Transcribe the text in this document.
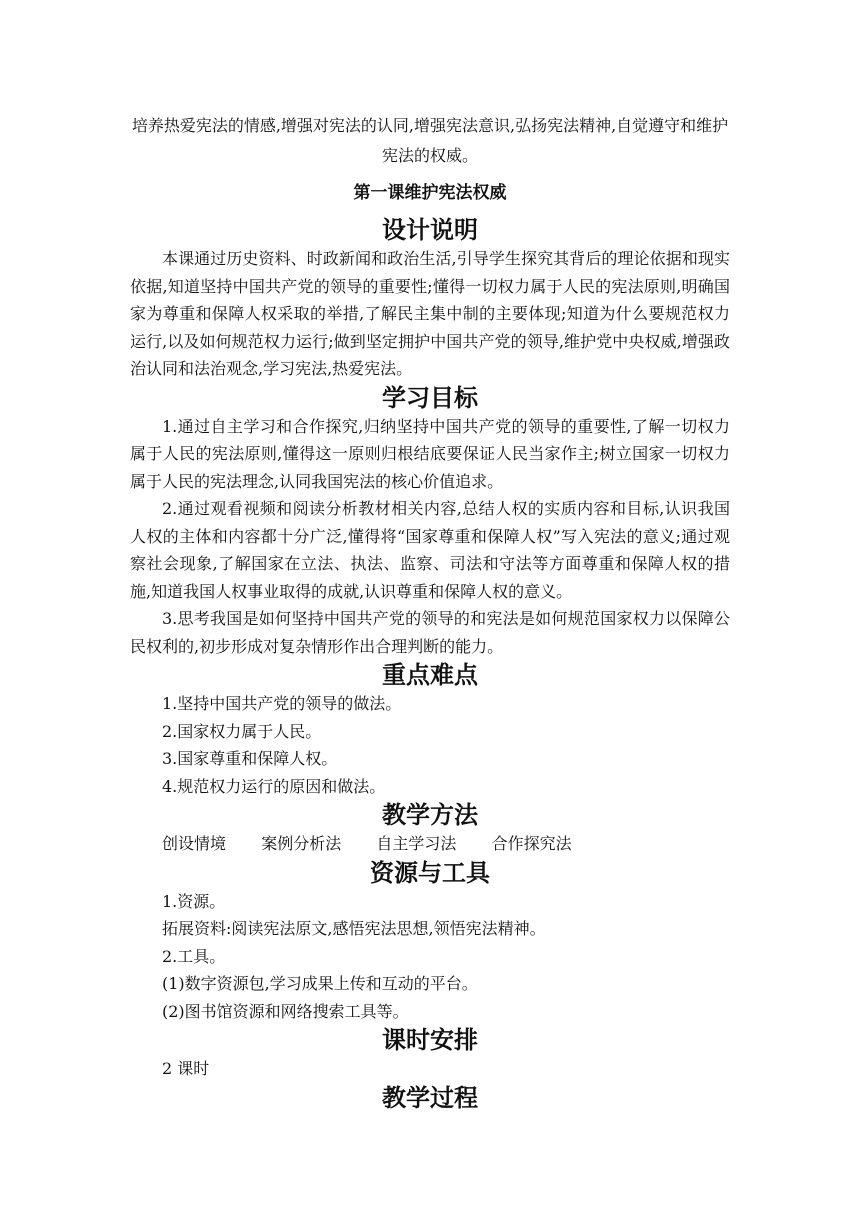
培养热爱宪法的情感,增强对宪法的认同,增强宪法意识,弘扬宪法精神,自觉遵守和维护宪法的权威。

第一课维护宪法权威
设计说明

本课通过历史资料、时政新闻和政治生活,引导学生探究其背后的理论依据和现实依据,知道坚持中国共产党的领导的重要性;懂得一切权力属于人民的宪法原则,明确国家为尊重和保障人权采取的举措,了解民主集中制的主要体现;知道为什么要规范权力运行,以及如何规范权力运行;做到坚定拥护中国共产党的领导,维护党中央权威,增强政治认同和法治观念,学习宪法,热爱宪法。

学习目标

1.通过自主学习和合作探究,归纳坚持中国共产党的领导的重要性,了解一切权力属于人民的宪法原则,懂得这一原则归根结底要保证人民当家作主;树立国家一切权力属于人民的宪法理念,认同我国宪法的核心价值追求。

2.通过观看视频和阅读分析教材相关内容,总结人权的实质内容和目标,认识我国人权的主体和内容都十分广泛,懂得将“国家尊重和保障人权”写入宪法的意义;通过观察社会现象,了解国家在立法、执法、监察、司法和守法等方面尊重和保障人权的措施,知道我国人权事业取得的成就,认识尊重和保障人权的意义。

3.思考我国是如何坚持中国共产党的领导的和宪法是如何规范国家权力以保障公民权利的,初步形成对复杂情形作出合理判断的能力。

重点难点

1.坚持中国共产党的领导的做法。

2.国家权力属于人民。

3.国家尊重和保障人权。

4.规范权力运行的原因和做法。

教学方法

创设情境 案例分析法 自主学习法 合作探究法

资源与工具

1.资源。

拓展资料:阅读宪法原文,感悟宪法思想,领悟宪法精神。

2.工具。

(1)数字资源包,学习成果上传和互动的平台。

(2)图书馆资源和网络搜索工具等。

课时安排

2 课时

教学过程
